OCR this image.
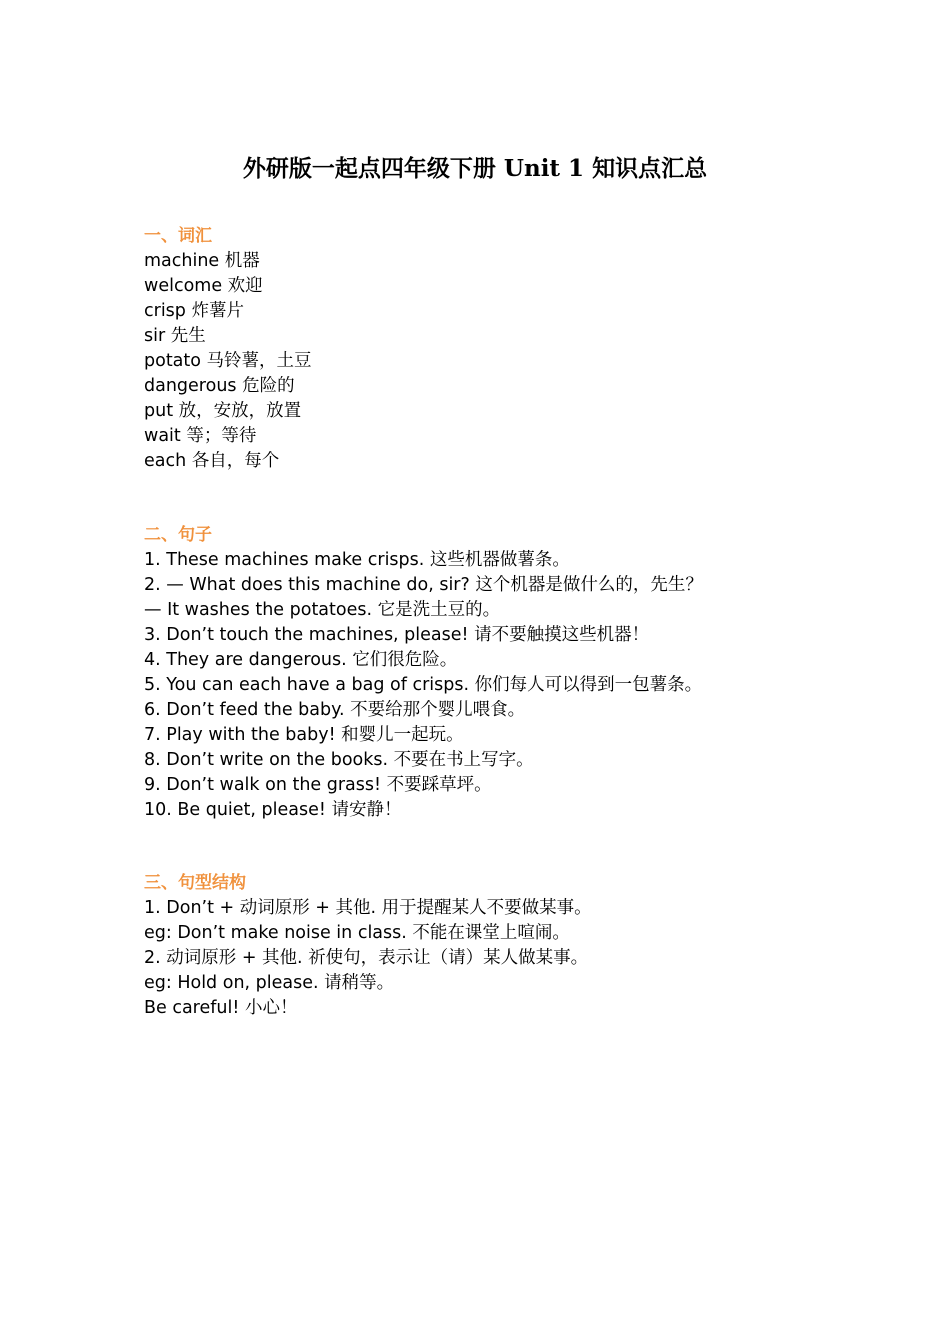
外研版一起点四年级下册 Unit 1 知识点汇总
一、词汇
machine 机器
welcome 欢迎
crisp 炸薯片
sir 先生
potato 马铃薯，土豆
dangerous 危险的
put 放，安放，放置
wait 等；等待
each 各自，每个
二、句子
1. These machines make crisps. 这些机器做薯条。
2. — What does this machine do, sir? 这个机器是做什么的，先生？
— It washes the potatoes. 它是洗土豆的。
3. Don’t touch the machines, please! 请不要触摸这些机器！
4. They are dangerous. 它们很危险。
5. You can each have a bag of crisps. 你们每人可以得到一包薯条。
6. Don’t feed the baby. 不要给那个婴儿喂食。
7. Play with the baby! 和婴儿一起玩。
8. Don’t write on the books. 不要在书上写字。
9. Don’t walk on the grass! 不要踩草坪。
10. Be quiet, please! 请安静！
三、句型结构
1. Don’t + 动词原形 + 其他. 用于提醒某人不要做某事。
eg: Don’t make noise in class. 不能在课堂上喧闹。
2. 动词原形 + 其他. 祈使句，表示让（请）某人做某事。
eg: Hold on, please. 请稍等。
Be careful! 小心！
